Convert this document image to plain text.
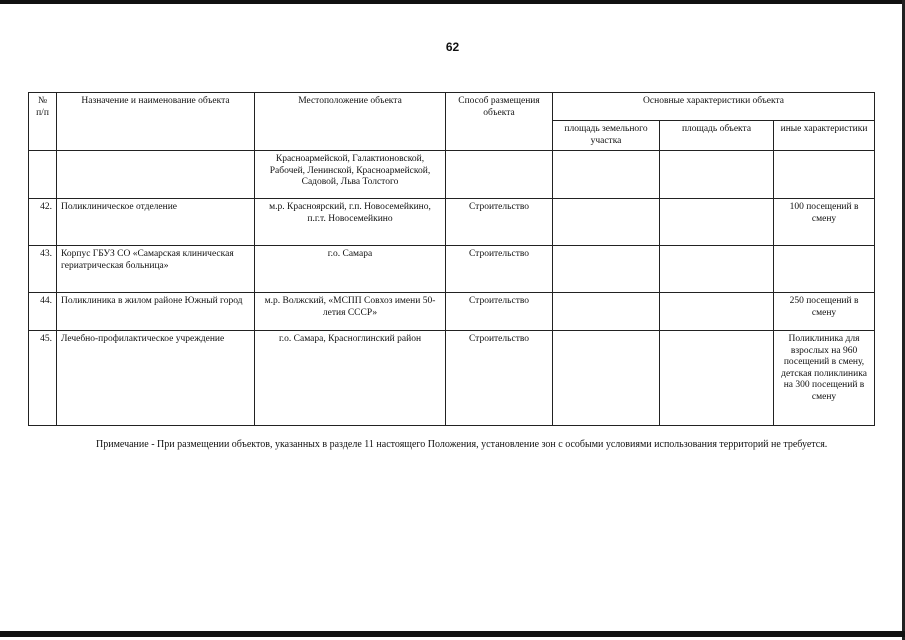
62
№ п/п	Назначение и наименование объекта	Местоположение объекта	Способ размещения объекта	Основные характеристики объекта		
				площадь земельного участка	площадь объекта	иные характеристики
		Красноармейской, Галактионовской, Рабочей, Ленинской, Красноармейской, Садовой, Льва Толстого				
42.	Поликлиническое отделение	м.р. Красноярский, г.п. Новосемейкино, п.г.т. Новосемейкино	Строительство			100 посещений в смену
43.	Корпус ГБУЗ СО «Самарская клиническая гериатрическая больница»	г.о. Самара	Строительство			
44.	Поликлиника в жилом районе Южный город	м.р. Волжский, «МСПП Совхоз имени 50-летия СССР»	Строительство			250 посещений в смену
45.	Лечебно-профилактическое учреждение	г.о. Самара, Красноглинский район	Строительство			Поликлиника для взрослых на 960 посещений в смену, детская поликлиника на 300 посещений в смену
Примечание - При размещении объектов, указанных в разделе 11 настоящего Положения, установление зон с особыми условиями использования территорий не требуется.
